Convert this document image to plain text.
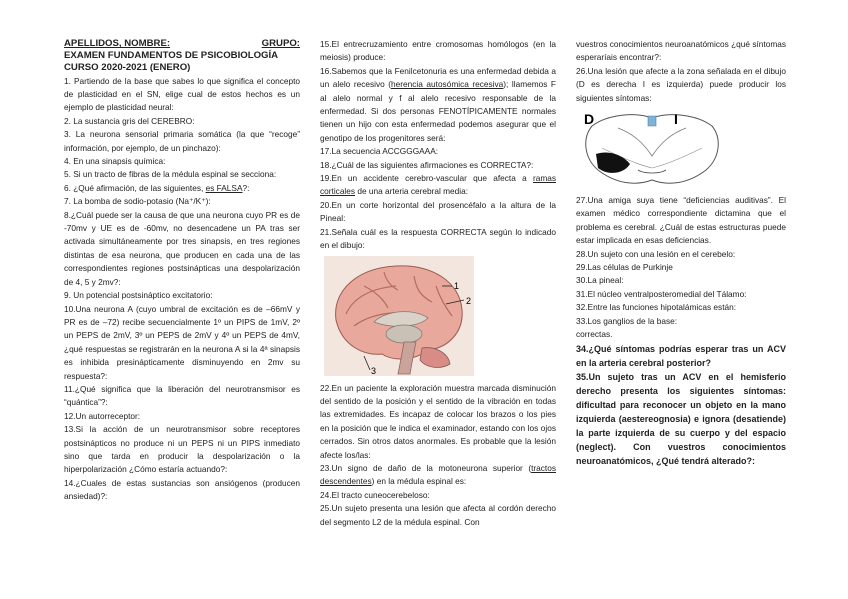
APELLIDOS, NOMBRE:	GRUPO:

EXAMEN FUNDAMENTOS DE PSICOBIOLOGÍA

CURSO 2020-2021 (ENERO)

1. Partiendo de la base que sabes lo que significa el concepto de plasticidad en el SN, elige cual de estos hechos es un ejemplo de plasticidad neural:

2. La sustancia gris del CEREBRO:

3. La neurona sensorial primaria somática (la que “recoge” información, por ejemplo, de un pinchazo):

4. En una sinapsis química:

5. Si un tracto de fibras de la médula espinal se secciona:

6. ¿Qué afirmación, de las siguientes, es FALSA?:

7. La bomba de sodio-potasio (Na⁺/K⁺):

8.¿Cuál puede ser la causa de que una neurona cuyo PR es de -70mv y UE es de -60mv, no desencadene un PA tras ser activada simultáneamente por tres sinapsis, en tres regiones distintas de esa neurona, que producen en cada una de las correspondientes regiones postsinápticas una despolarización de 4, 5 y 2mv?:

9. Un potencial postsináptico excitatorio:

10.Una neurona A (cuyo umbral de excitación es de –66mV y PR es de –72) recibe secuencialmente 1º un PIPS de 1mV, 2º un PEPS de 2mV, 3º un PEPS de 2mV y 4º un PEPS de 4mV, ¿qué respuestas se registrarán en la neurona A si la 4ª sinapsis es inhibida presinápticamente disminuyendo en 2mv su respuesta?:

11.¿Qué significa que la liberación del neurotransmisor es “quántica”?:

12.Un autorreceptor:

13.Si la acción de un neurotransmisor sobre receptores postsinápticos no produce ni un PEPS ni un PIPS inmediato sino que tarda en producir la despolarización o la hiperpolarización ¿Cómo estaría actuando?:

14.¿Cuales de estas sustancias son ansiógenos (producen ansiedad)?:

15.El entrecruzamiento entre cromosomas homólogos (en la meiosis) produce:

16.Sabemos que la Fenilcetonuria es una enfermedad debida a un alelo recesivo (herencia autosómica recesiva); llamemos F al alelo normal y f al alelo recesivo responsable de la enfermedad. Si dos personas FENOTÍPICAMENTE normales tienen un hijo con esta enfermedad podemos asegurar que el genotipo de los progenitores será:

17.La secuencia ACCGGGAAA:

18.¿Cuál de las siguientes afirmaciones es CORRECTA?:

19.En un accidente cerebro-vascular que afecta a ramas corticales de una arteria cerebral media:

20.En un corte horizontal del prosencéfalo a la altura de la Pineal:

21.Señala cuál es la respuesta CORRECTA según lo indicado en el dibujo:

1
2
3

22.En un paciente la exploración muestra marcada disminución del sentido de la posición y el sentido de la vibración en todas las extremidades. Es incapaz de colocar los brazos o los pies en la posición que le indica el examinador, estando con los ojos cerrados. Sin otros datos anormales. Es probable que la lesión afecte los/las:

23.Un signo de daño de la motoneurona superior (tractos descendentes) en la médula espinal es:

24.El tracto cuneocerebeloso:

25.Un sujeto presenta una lesión que afecta al cordón derecho del segmento L2 de la médula espinal. Con

vuestros conocimientos neuroanatómicos ¿qué síntomas esperaríais encontrar?:

26.Una lesión que afecte a la zona señalada en el dibujo (D es derecha I es izquierda) puede producir los siguientes síntomas:

D	I

27.Una amiga suya tiene “deficiencias auditivas”. El examen médico correspondiente dictamina que el problema es cerebral. ¿Cuál de estas estructuras puede estar implicada en esas deficiencias.

28.Un sujeto con una lesión en el cerebelo:

29.Las células de Purkinje

30.La pineal:

31.El núcleo ventralposteromedial del Tálamo:

32.Entre las funciones hipotalámicas están:

33.Los ganglios de la base:

correctas.

34.¿Qué síntomas podrías esperar tras un ACV en la arteria cerebral posterior?

35.Un sujeto tras un ACV en el hemisferio derecho presenta los siguientes síntomas: dificultad para reconocer un objeto en la mano izquierda (aestereognosia) e ignora (desatiende) la parte izquierda de su cuerpo y del espacio (neglect). Con vuestros conocimientos neuroanatómicos, ¿Qué tendrá alterado?:
